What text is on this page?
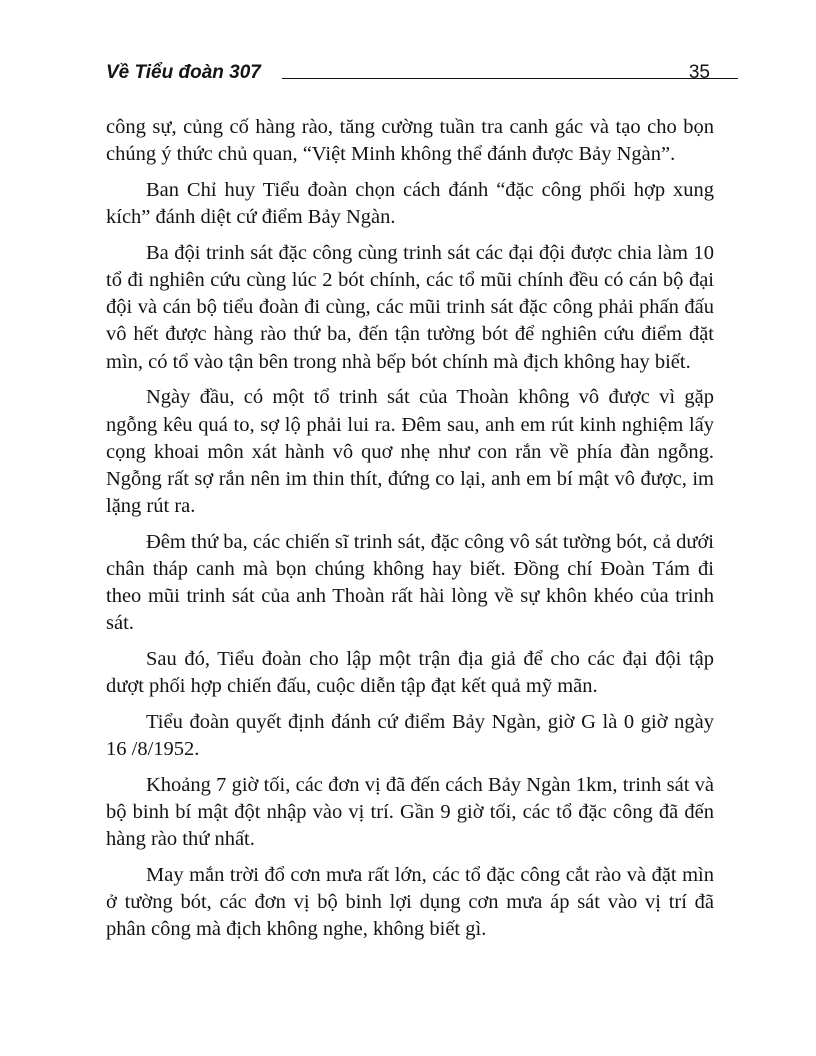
Về Tiểu đoàn 307	35

công sự, củng cố hàng rào, tăng cường tuần tra canh gác và tạo cho bọn chúng ý thức chủ quan, “Việt Minh không thể đánh được Bảy Ngàn”.

Ban Chỉ huy Tiểu đoàn chọn cách đánh “đặc công phối hợp xung kích” đánh diệt cứ điểm Bảy Ngàn.

Ba đội trinh sát đặc công cùng trinh sát các đại đội được chia làm 10 tổ đi nghiên cứu cùng lúc 2 bót chính, các tổ mũi chính đều có cán bộ đại đội và cán bộ tiểu đoàn đi cùng, các mũi trinh sát đặc công phải phấn đấu vô hết được hàng rào thứ ba, đến tận tường bót để nghiên cứu điểm đặt mìn, có tổ vào tận bên trong nhà bếp bót chính mà địch không hay biết.

Ngày đầu, có một tổ trinh sát của Thoàn không vô được vì gặp ngỗng kêu quá to, sợ lộ phải lui ra. Đêm sau, anh em rút kinh nghiệm lấy cọng khoai môn xát hành vô quơ nhẹ như con rắn về phía đàn ngỗng. Ngỗng rất sợ rắn nên im thin thít, đứng co lại, anh em bí mật vô được, im lặng rút ra.

Đêm thứ ba, các chiến sĩ trinh sát, đặc công vô sát tường bót, cả dưới chân tháp canh mà bọn chúng không hay biết. Đồng chí Đoàn Tám đi theo mũi trinh sát của anh Thoàn rất hài lòng về sự khôn khéo của trinh sát.

Sau đó, Tiểu đoàn cho lập một trận địa giả để cho các đại đội tập dượt phối hợp chiến đấu, cuộc diễn tập đạt kết quả mỹ mãn.

Tiểu đoàn quyết định đánh cứ điểm Bảy Ngàn, giờ G là 0 giờ ngày 16 /8/1952.

Khoảng 7 giờ tối, các đơn vị đã đến cách Bảy Ngàn 1km, trinh sát và bộ binh bí mật đột nhập vào vị trí. Gần 9 giờ tối, các tổ đặc công đã đến hàng rào thứ nhất.

May mắn trời đổ cơn mưa rất lớn, các tổ đặc công cắt rào và đặt mìn ở tường bót, các đơn vị bộ binh lợi dụng cơn mưa áp sát vào vị trí đã phân công mà địch không nghe, không biết gì.
